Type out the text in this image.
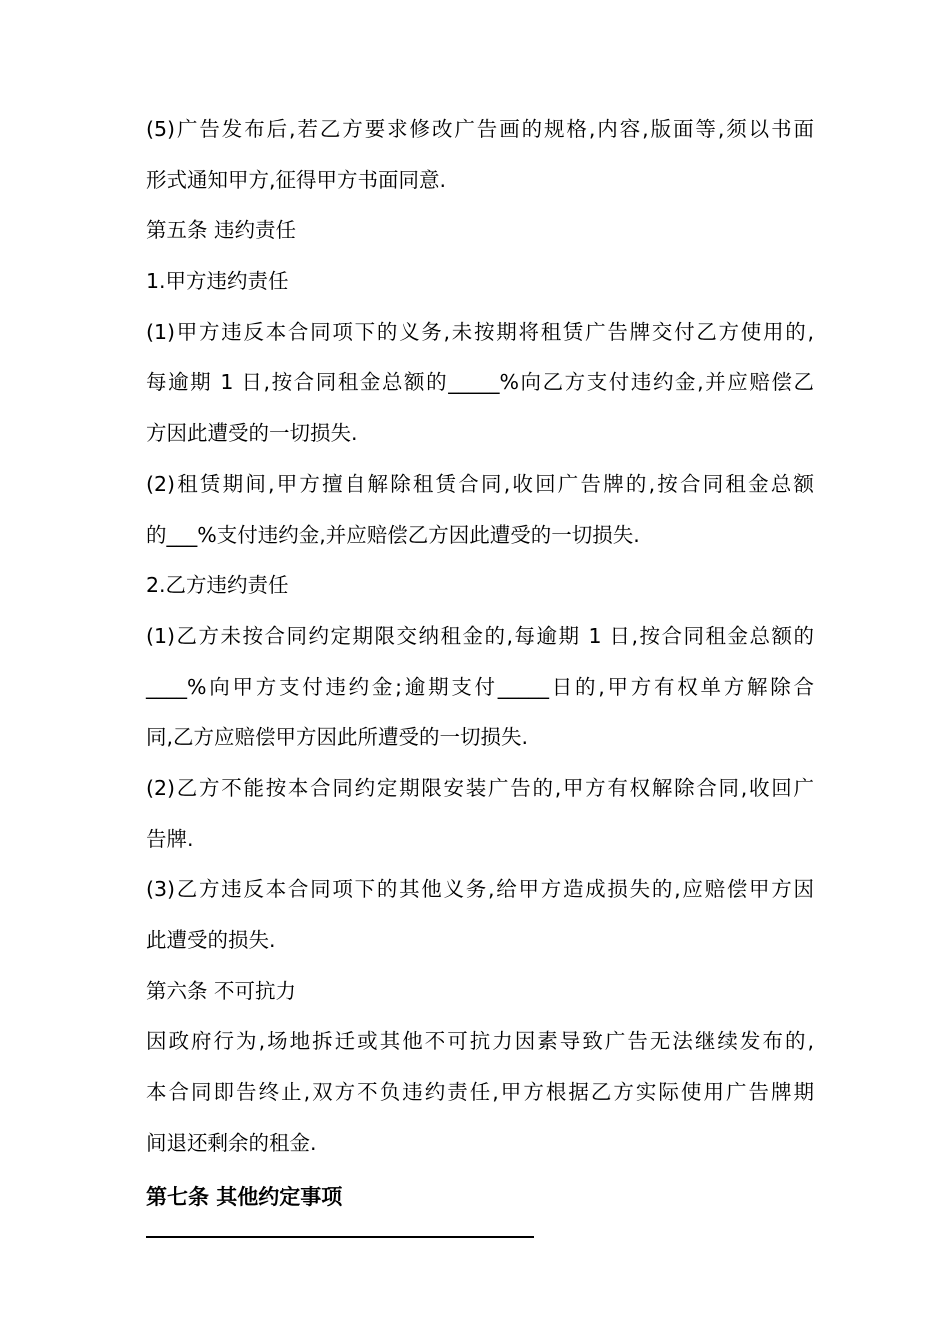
(5)广告发布后,若乙方要求修改广告画的规格,内容,版面等,须以书面
形式通知甲方,征得甲方书面同意.
第五条 违约责任
1.甲方违约责任
(1)甲方违反本合同项下的义务,未按期将租赁广告牌交付乙方使用的,
每逾期 1 日,按合同租金总额的_____%向乙方支付违约金,并应赔偿乙
方因此遭受的一切损失.
(2)租赁期间,甲方擅自解除租赁合同,收回广告牌的,按合同租金总额
的___%支付违约金,并应赔偿乙方因此遭受的一切损失.
2.乙方违约责任
(1)乙方未按合同约定期限交纳租金的,每逾期 1 日,按合同租金总额的
____%向甲方支付违约金;逾期支付_____日的,甲方有权单方解除合
同,乙方应赔偿甲方因此所遭受的一切损失.
(2)乙方不能按本合同约定期限安装广告的,甲方有权解除合同,收回广
告牌.
(3)乙方违反本合同项下的其他义务,给甲方造成损失的,应赔偿甲方因
此遭受的损失.
第六条 不可抗力
因政府行为,场地拆迁或其他不可抗力因素导致广告无法继续发布的,
本合同即告终止,双方不负违约责任,甲方根据乙方实际使用广告牌期
间退还剩余的租金.
第七条 其他约定事项
